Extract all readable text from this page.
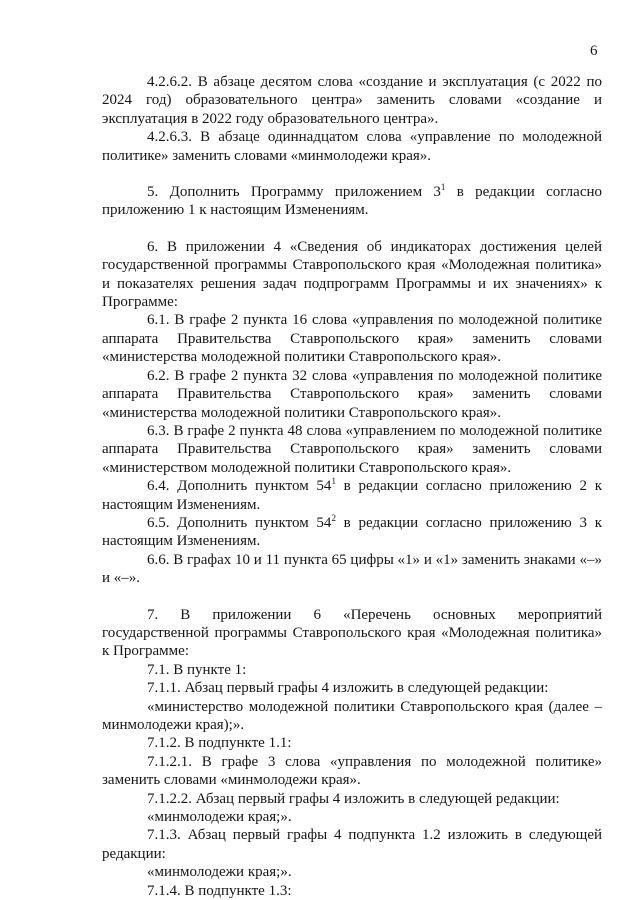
6

4.2.6.2. В абзаце десятом слова «создание и эксплуатация (с 2022 по 2024 год) образовательного центра» заменить словами «создание и эксплуатация в 2022 году образовательного центра».

4.2.6.3. В абзаце одиннадцатом слова «управление по молодежной политике» заменить словами «минмолодежи края».

5. Дополнить Программу приложением $3^1$ в редакции согласно приложению 1 к настоящим Изменениям.

6. В приложении 4 «Сведения об индикаторах достижения целей государственной программы Ставропольского края «Молодежная политика» и показателях решения задач подпрограмм Программы и их значениях» к Программе:

6.1. В графе 2 пункта 16 слова «управления по молодежной политике аппарата Правительства Ставропольского края» заменить словами «министерства молодежной политики Ставропольского края».

6.2. В графе 2 пункта 32 слова «управления по молодежной политике аппарата Правительства Ставропольского края» заменить словами «министерства молодежной политики Ставропольского края».

6.3. В графе 2 пункта 48 слова «управлением по молодежной политике аппарата Правительства Ставропольского края» заменить словами «министерством молодежной политики Ставропольского края».

6.4. Дополнить пунктом $54^1$ в редакции согласно приложению 2 к настоящим Изменениям.

6.5. Дополнить пунктом $54^2$ в редакции согласно приложению 3 к настоящим Изменениям.

6.6. В графах 10 и 11 пункта 65 цифры «1» и «1» заменить знаками «–» и «–».

7. В приложении 6 «Перечень основных мероприятий государственной программы Ставропольского края «Молодежная политика» к Программе:

7.1. В пункте 1:

7.1.1. Абзац первый графы 4 изложить в следующей редакции:

«министерство молодежной политики Ставропольского края (далее – минмолодежи края);».

7.1.2. В подпункте 1.1:

7.1.2.1. В графе 3 слова «управления по молодежной политике» заменить словами «минмолодежи края».

7.1.2.2. Абзац первый графы 4 изложить в следующей редакции:

«минмолодежи края;».

7.1.3. Абзац первый графы 4 подпункта 1.2 изложить в следующей редакции:

«минмолодежи края;».

7.1.4. В подпункте 1.3:
